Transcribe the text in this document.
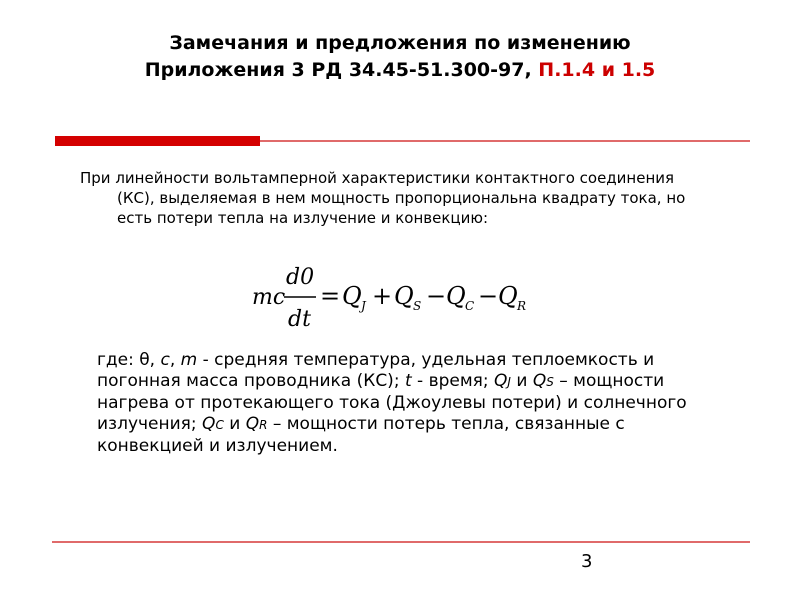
Замечания и предложения по изменению
Приложения 3 РД 34.45-51.300-97, П.1.4 и 1.5
При линейности вольтамперной характеристики контактного соединения (КС), выделяемая в нем мощность пропорциональна квадрату тока, но есть потери тепла на излучение и конвекцию:
mc
d0
dt
= Q J + Q S − Q C − Q R
где: θ, c, m - средняя температура, удельная теплоемкость и погонная масса проводника (КС); t - время; QJ и QS – мощности нагрева от протекающего тока (Джоулевы потери) и солнечного излучения; QC и QR – мощности потерь тепла, связанные с конвекцией и излучением.
3
